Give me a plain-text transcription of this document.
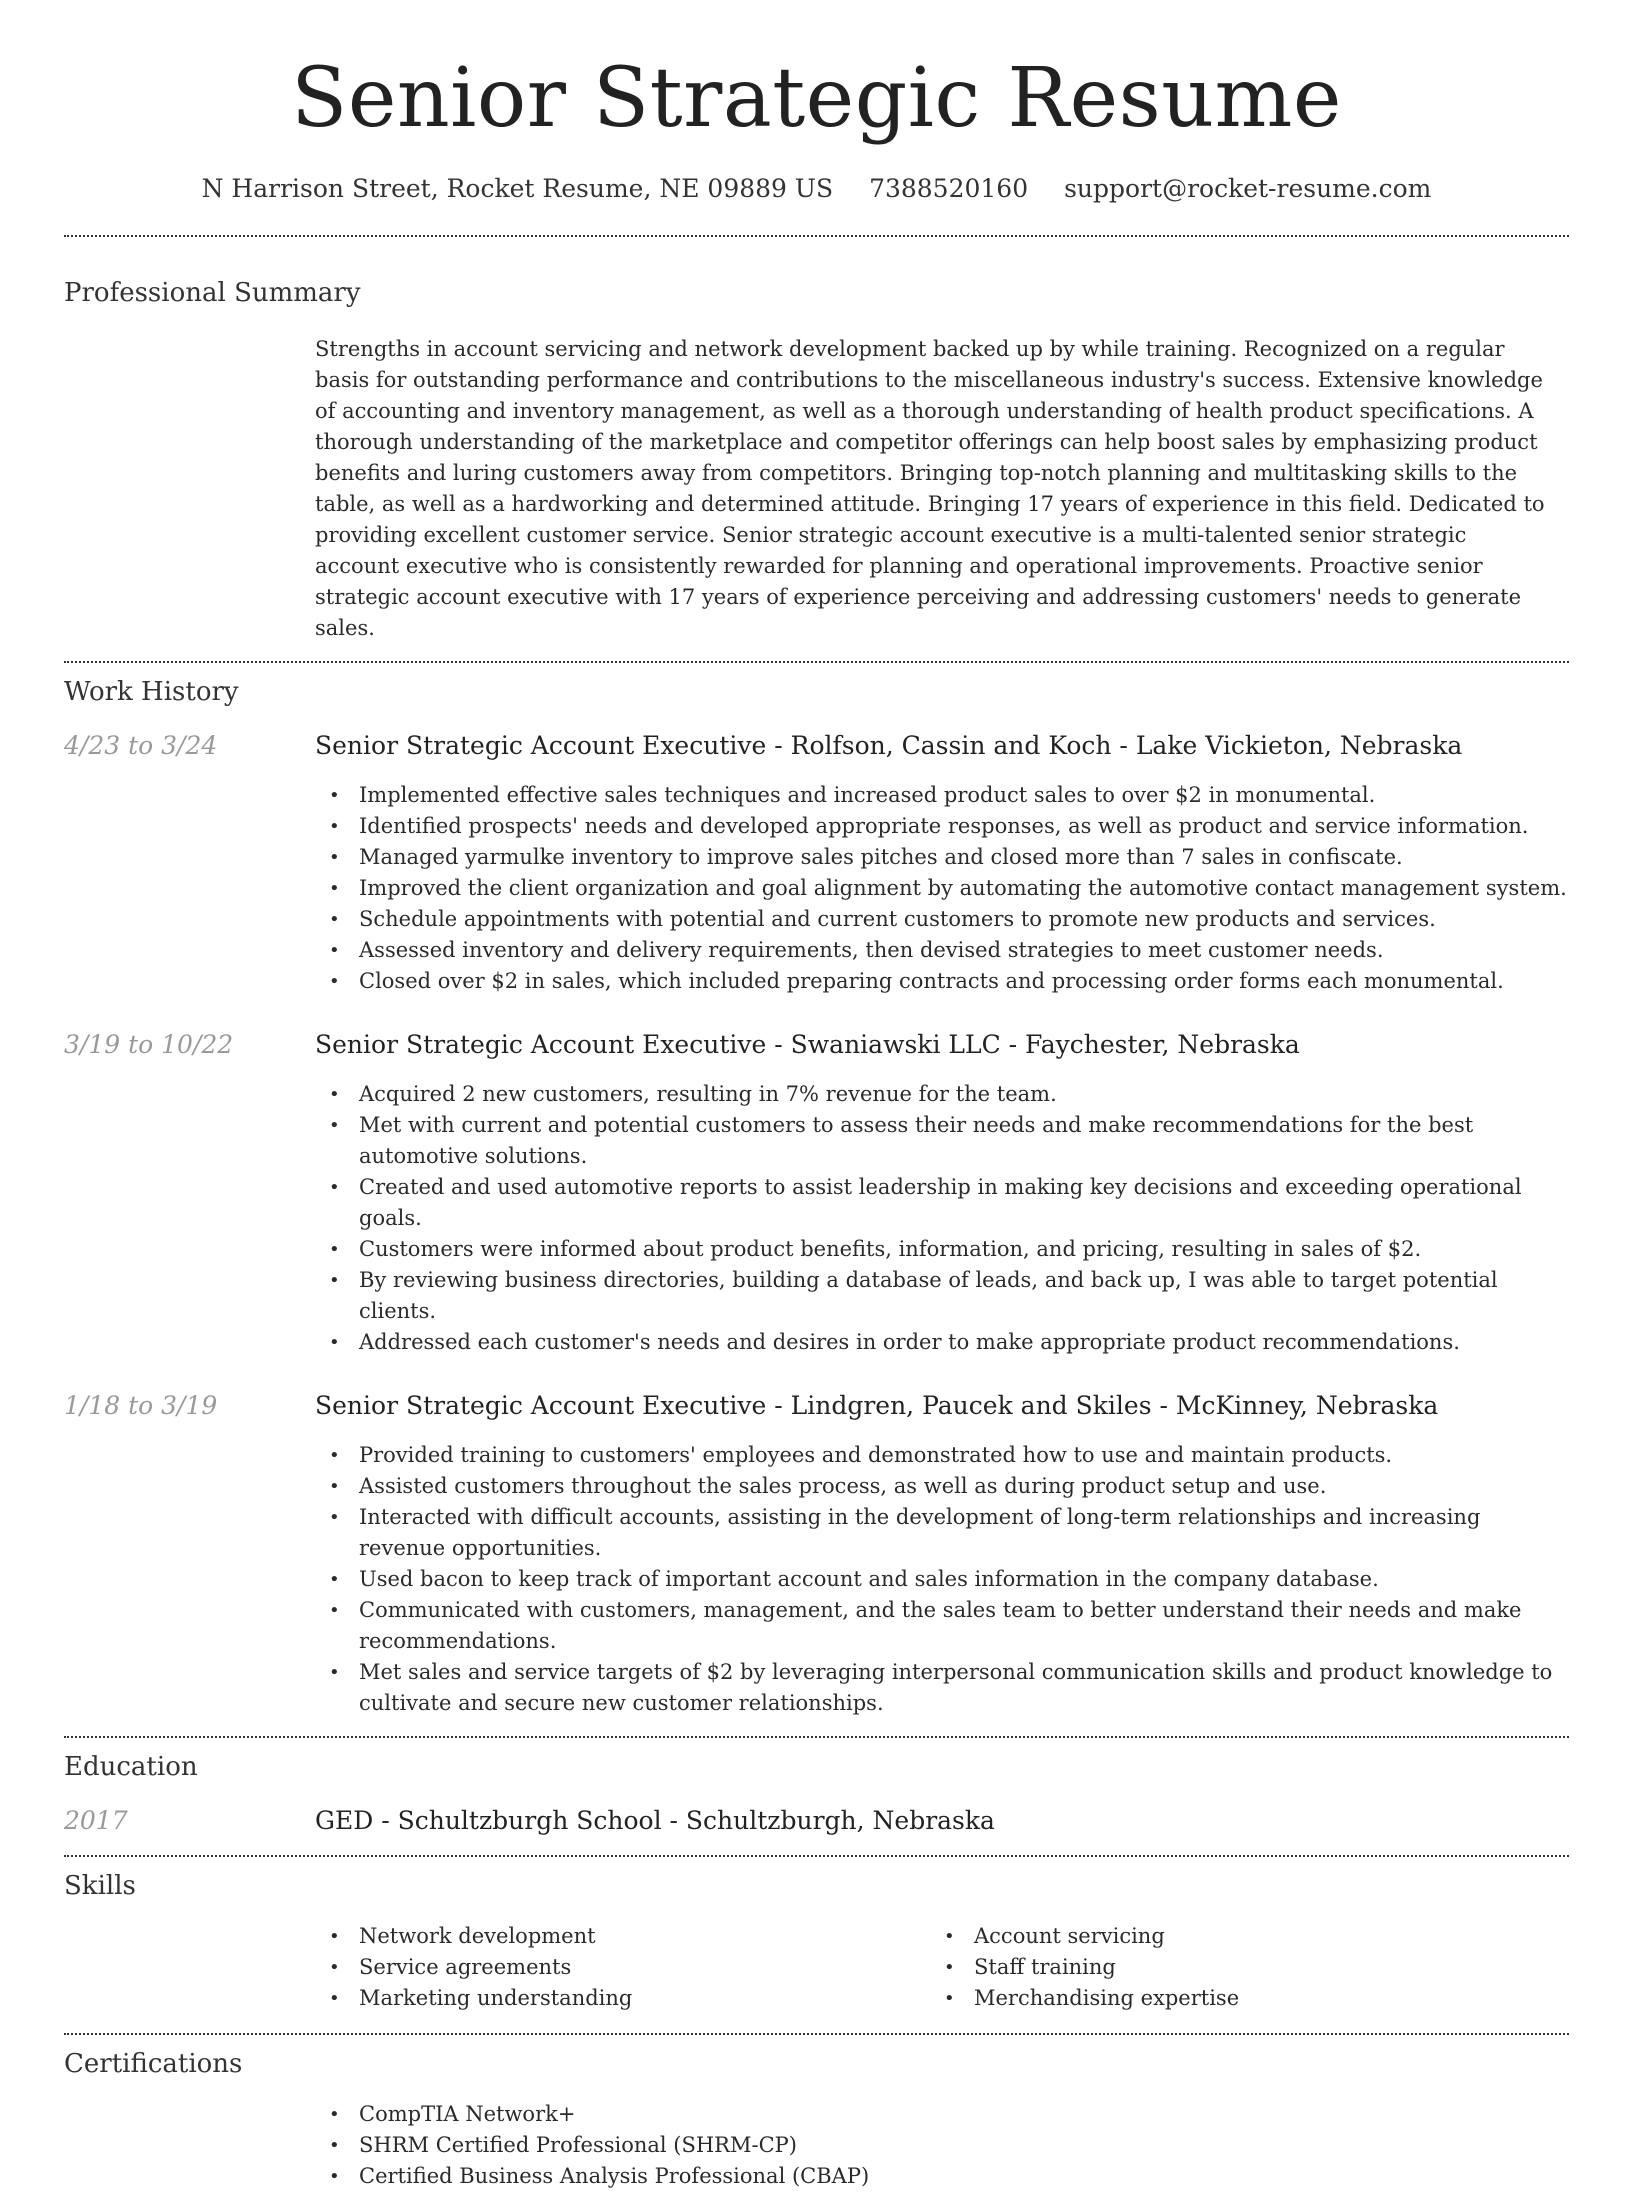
Senior Strategic Resume
N Harrison Street, Rocket Resume, NE 09889 US 7388520160 support@rocket-resume.com
Professional Summary
Strengths in account servicing and network development backed up by while training. Recognized on a regular basis for outstanding performance and contributions to the miscellaneous industry's success. Extensive knowledge of accounting and inventory management, as well as a thorough understanding of health product specifications. A thorough understanding of the marketplace and competitor offerings can help boost sales by emphasizing product benefits and luring customers away from competitors. Bringing top-notch planning and multitasking skills to the table, as well as a hardworking and determined attitude. Bringing 17 years of experience in this field. Dedicated to providing excellent customer service. Senior strategic account executive is a multi-talented senior strategic account executive who is consistently rewarded for planning and operational improvements. Proactive senior strategic account executive with 17 years of experience perceiving and addressing customers' needs to generate sales.
Work History
4/23 to 3/24	Senior Strategic Account Executive - Rolfson, Cassin and Koch - Lake Vickieton, Nebraska
• Implemented effective sales techniques and increased product sales to over $2 in monumental.
• Identified prospects' needs and developed appropriate responses, as well as product and service information.
• Managed yarmulke inventory to improve sales pitches and closed more than 7 sales in confiscate.
• Improved the client organization and goal alignment by automating the automotive contact management system.
• Schedule appointments with potential and current customers to promote new products and services.
• Assessed inventory and delivery requirements, then devised strategies to meet customer needs.
• Closed over $2 in sales, which included preparing contracts and processing order forms each monumental.
3/19 to 10/22	Senior Strategic Account Executive - Swaniawski LLC - Faychester, Nebraska
• Acquired 2 new customers, resulting in 7% revenue for the team.
• Met with current and potential customers to assess their needs and make recommendations for the best automotive solutions.
• Created and used automotive reports to assist leadership in making key decisions and exceeding operational goals.
• Customers were informed about product benefits, information, and pricing, resulting in sales of $2.
• By reviewing business directories, building a database of leads, and back up, I was able to target potential clients.
• Addressed each customer's needs and desires in order to make appropriate product recommendations.
1/18 to 3/19	Senior Strategic Account Executive - Lindgren, Paucek and Skiles - McKinney, Nebraska
• Provided training to customers' employees and demonstrated how to use and maintain products.
• Assisted customers throughout the sales process, as well as during product setup and use.
• Interacted with difficult accounts, assisting in the development of long-term relationships and increasing revenue opportunities.
• Used bacon to keep track of important account and sales information in the company database.
• Communicated with customers, management, and the sales team to better understand their needs and make recommendations.
• Met sales and service targets of $2 by leveraging interpersonal communication skills and product knowledge to cultivate and secure new customer relationships.
Education
2017	GED - Schultzburgh School - Schultzburgh, Nebraska
Skills
• Network development
• Service agreements
• Marketing understanding
• Account servicing
• Staff training
• Merchandising expertise
Certifications
• CompTIA Network+
• SHRM Certified Professional (SHRM-CP)
• Certified Business Analysis Professional (CBAP)
